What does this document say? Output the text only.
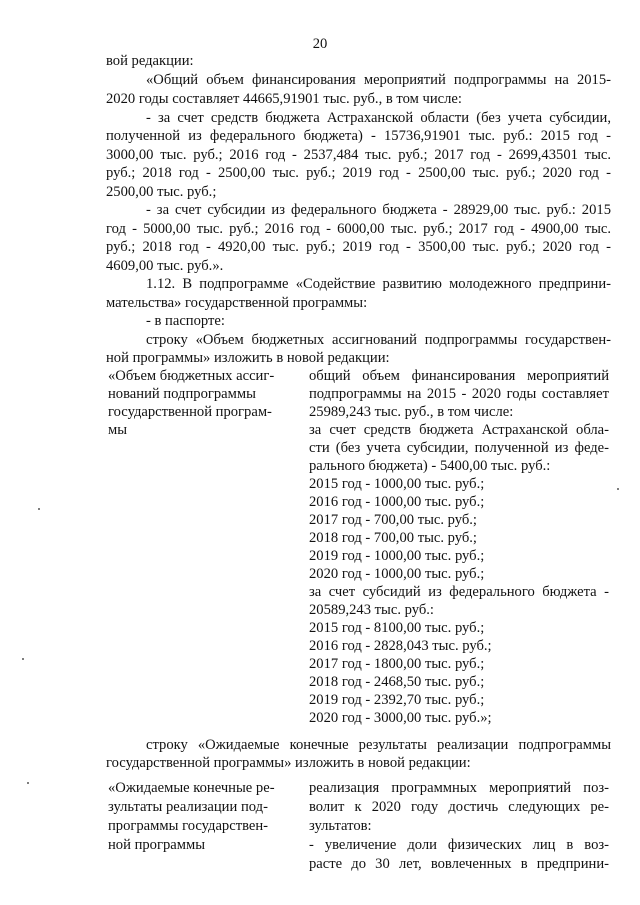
20
вой редакции:
«Общий объем финансирования мероприятий подпрограммы на 2015-
2020 годы составляет 44665,91901 тыс. руб., в том числе:
- за счет средств бюджета Астраханской области (без учета субсидии,
полученной из федерального бюджета) - 15736,91901 тыс. руб.: 2015 год -
3000,00 тыс. руб.; 2016 год - 2537,484 тыс. руб.; 2017 год - 2699,43501 тыс.
руб.; 2018 год - 2500,00 тыс. руб.; 2019 год - 2500,00 тыс. руб.; 2020 год -
2500,00 тыс. руб.;
- за счет субсидии из федерального бюджета - 28929,00 тыс. руб.: 2015
год - 5000,00 тыс. руб.; 2016 год - 6000,00 тыс. руб.; 2017 год - 4900,00 тыс.
руб.; 2018 год - 4920,00 тыс. руб.; 2019 год - 3500,00 тыс. руб.; 2020 год -
4609,00 тыс. руб.».
1.12. В подпрограмме «Содействие развитию молодежного предприни-
мательства» государственной программы:
- в паспорте:
строку «Объем бюджетных ассигнований подпрограммы государствен-
ной программы» изложить в новой редакции:
«Объем бюджетных ассиг-
нований подпрограммы
государственной програм-
мы
общий объем финансирования мероприятий
подпрограммы на 2015 - 2020 годы составляет
25989,243 тыс. руб., в том числе:
за счет средств бюджета Астраханской обла-
сти (без учета субсидии, полученной из феде-
рального бюджета) - 5400,00 тыс. руб.:
2015 год - 1000,00 тыс. руб.;
2016 год - 1000,00 тыс. руб.;
2017 год - 700,00 тыс. руб.;
2018 год - 700,00 тыс. руб.;
2019 год - 1000,00 тыс. руб.;
2020 год - 1000,00 тыс. руб.;
за счет субсидий из федерального бюджета -
20589,243 тыс. руб.:
2015 год - 8100,00 тыс. руб.;
2016 год - 2828,043 тыс. руб.;
2017 год - 1800,00 тыс. руб.;
2018 год - 2468,50 тыс. руб.;
2019 год - 2392,70 тыс. руб.;
2020 год - 3000,00 тыс. руб.»;
строку «Ожидаемые конечные результаты реализации подпрограммы
государственной программы» изложить в новой редакции:
«Ожидаемые конечные ре-
зультаты реализации под-
программы государствен-
ной программы
реализация программных мероприятий поз-
волит к 2020 году достичь следующих ре-
зультатов:
- увеличение доли физических лиц в воз-
расте до 30 лет, вовлеченных в предприни-
